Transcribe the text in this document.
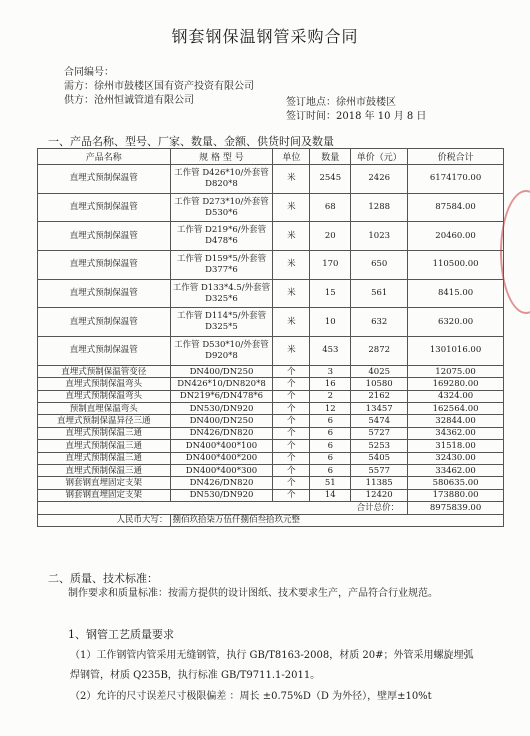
钢套钢保温钢管采购合同
合同编号：
需方：徐州市鼓楼区国有资产投资有限公司
供方：沧州恒诚管道有限公司	签订地点：徐州市鼓楼区
签订时间：2018 年 10 月 8 日
一、产品名称、型号、厂家、数量、金额、供货时间及数量
产品名称	规 格 型 号	单位	数量	单价（元）	价税合计
直埋式预制保温管	工作管 D426*10/外套管 D820*8	米	2545	2426	6174170.00
直埋式预制保温管	工作管 D273*10/外套管 D530*6	米	68	1288	87584.00
直埋式预制保温管	工作管 D219*6/外套管 D478*6	米	20	1023	20460.00
直埋式预制保温管	工作管 D159*5/外套管 D377*6	米	170	650	110500.00
直埋式预制保温管	工作管 D133*4.5/外套管 D325*6	米	15	561	8415.00
直埋式预制保温管	工作管 D114*5/外套管 D325*5	米	10	632	6320.00
直埋式预制保温管	工作管 D530*10/外套管 D920*8	米	453	2872	1301016.00
直埋式预制保温管变径	DN400/DN250	个	3	4025	12075.00
直埋式预制保温弯头	DN426*10/DN820*8	个	16	10580	169280.00
直埋式预制保温弯头	DN219*6/DN478*6	个	2	2162	4324.00
预制直埋保温弯头	DN530/DN920	个	12	13457	162564.00
直埋式预制保温异径三通	DN400/DN250	个	6	5474	32844.00
直埋式预制保温三通	DN426/DN820	个	6	5727	34362.00
直埋式预制保温三通	DN400*400*100	个	6	5253	31518.00
直埋式预制保温三通	DN400*400*200	个	6	5405	32430.00
直埋式预制保温三通	DN400*400*300	个	6	5577	33462.00
钢套钢直埋固定支架	DN426/DN820	个	51	11385	580635.00
钢套钢直埋固定支架	DN530/DN920	个	14	12420	173880.00
合计总价：					8975839.00
人民币大写：	捌佰玖拾柒万伍仟捌佰叁拾玖元整				
二、质量、技术标准：
制作要求和质量标准：按需方提供的设计图纸、技术要求生产，产品符合行业规范。
1、钢管工艺质量要求
（1）工作钢管内管采用无缝钢管，执行 GB/T8163-2008，材质 20#；外管采用螺旋埋弧焊钢管，材质 Q235B，执行标准 GB/T9711.1-2011。
（2）允许的尺寸误差尺寸极限偏差 ：周长 ±0.75%D（D 为外径），壁厚±10%t
